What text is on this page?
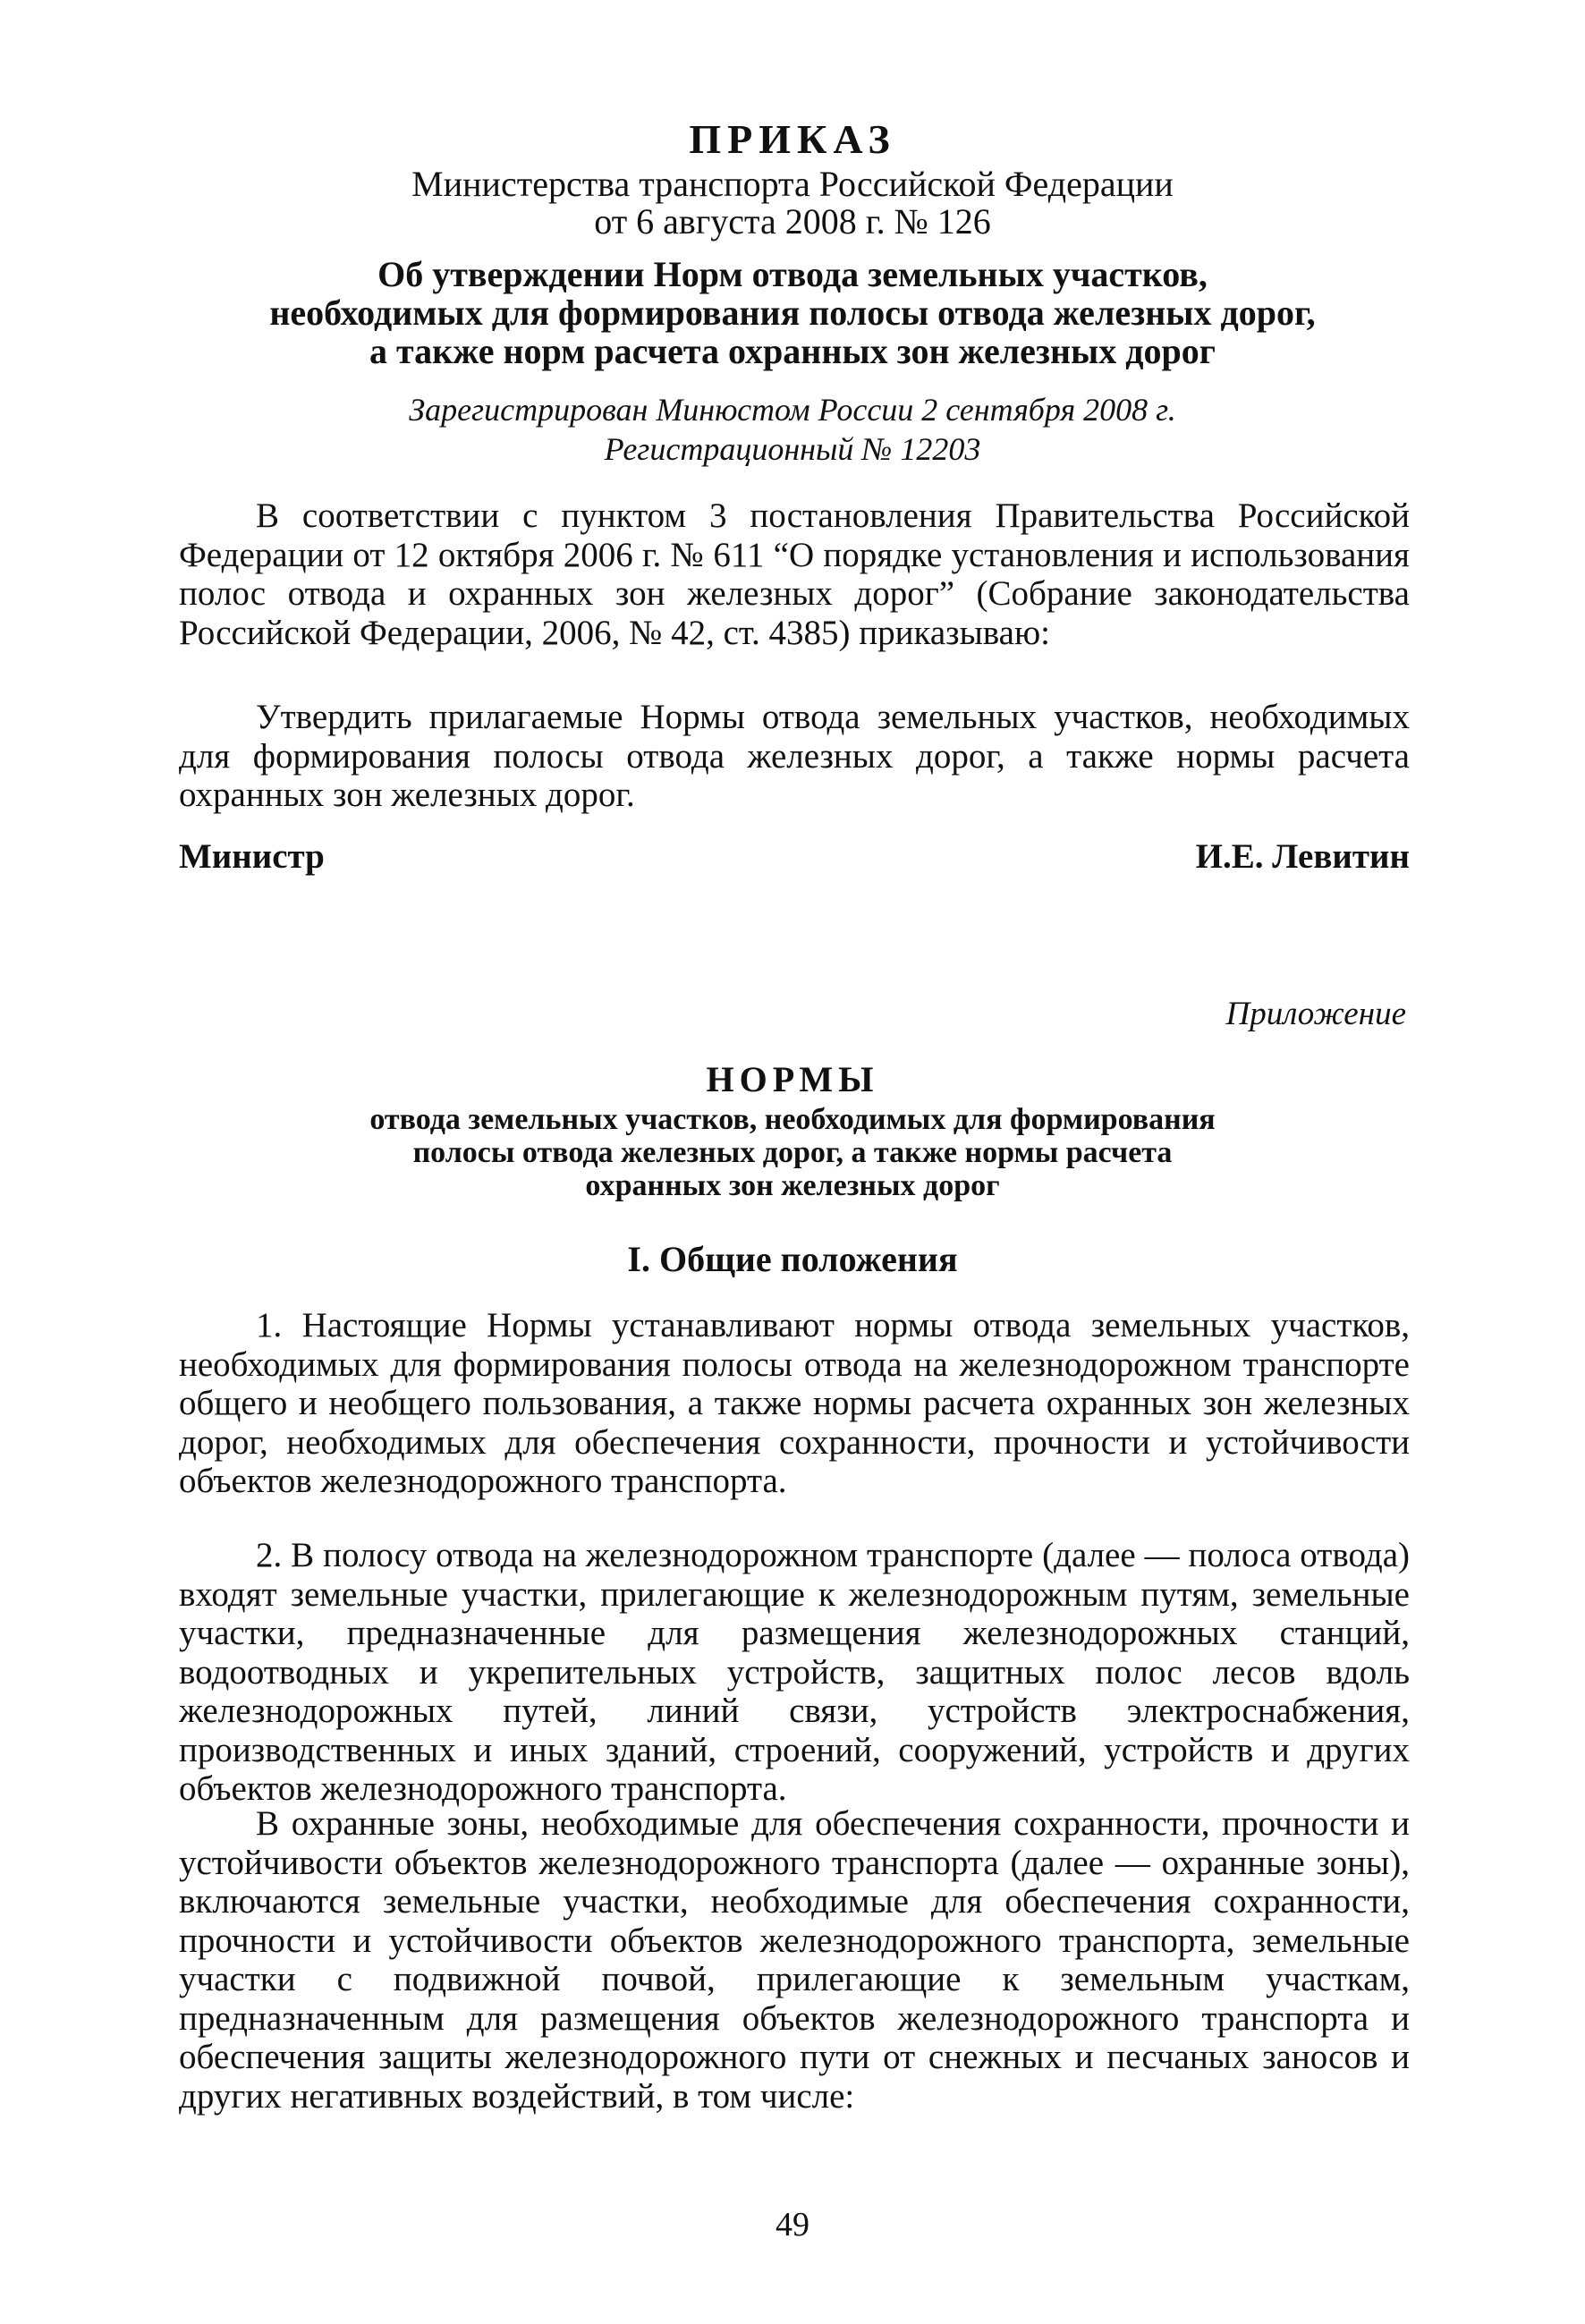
ПРИКАЗ
Министерства транспорта Российской Федерации
от 6 августа 2008 г. № 126
Об утверждении Норм отвода земельных участков,
необходимых для формирования полосы отвода железных дорог,
а также норм расчета охранных зон железных дорог
Зарегистрирован Минюстом России 2 сентября 2008 г.
Регистрационный № 12203
В соответствии с пунктом 3 постановления Правительства Российской Федерации от 12 октября 2006 г. № 611 “О порядке установления и использования полос отвода и охранных зон железных дорог” (Собрание законодательства Российской Федерации, 2006, № 42, ст. 4385) приказываю:
Утвердить прилагаемые Нормы отвода земельных участков, необходимых для формирования полосы отвода железных дорог, а также нормы расчета охранных зон железных дорог.
Министр	И.Е. Левитин
Приложение
НОРМЫ
отвода земельных участков, необходимых для формирования
полосы отвода железных дорог, а также нормы расчета
охранных зон железных дорог
I. Общие положения
1. Настоящие Нормы устанавливают нормы отвода земельных участков, необходимых для формирования полосы отвода на железнодорожном транспорте общего и необщего пользования, а также нормы расчета охранных зон железных дорог, необходимых для обеспечения сохранности, прочности и устойчивости объектов железнодорожного транспорта.
2. В полосу отвода на железнодорожном транспорте (далее — полоса отвода) входят земельные участки, прилегающие к железнодорожным путям, земельные участки, предназначенные для размещения железнодорожных станций, водоотводных и укрепительных устройств, защитных полос лесов вдоль железнодорожных путей, линий связи, устройств электроснабжения, производственных и иных зданий, строений, сооружений, устройств и других объектов железнодорожного транспорта.
В охранные зоны, необходимые для обеспечения сохранности, прочности и устойчивости объектов железнодорожного транспорта (далее — охранные зоны), включаются земельные участки, необходимые для обеспечения сохранности, прочности и устойчивости объектов железнодорожного транспорта, земельные участки с подвижной почвой, прилегающие к земельным участкам, предназначенным для размещения объектов железнодорожного транспорта и обеспечения защиты железнодорожного пути от снежных и песчаных заносов и других негативных воздействий, в том числе:
49
